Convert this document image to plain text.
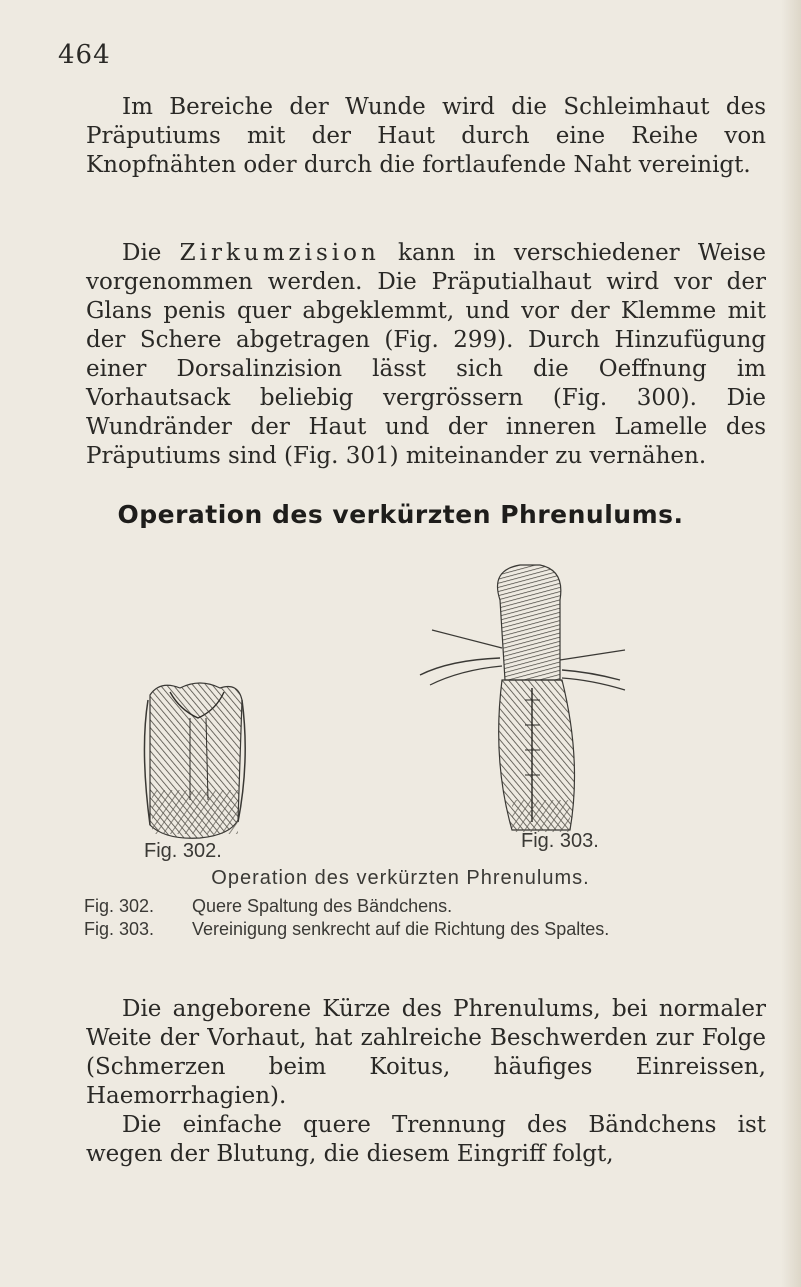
464

Im Bereiche der Wunde wird die Schleimhaut des Präputiums mit der Haut durch eine Reihe von Knopfnähten oder durch die fortlaufende Naht vereinigt.

Die Zirkumzision kann in verschiedener Weise vorgenommen werden. Die Präputialhaut wird vor der Glans penis quer abgeklemmt, und vor der Klemme mit der Schere abgetragen (Fig. 299). Durch Hinzufügung einer Dorsalinzision lässt sich die Oeffnung im Vorhautsack beliebig vergrössern (Fig. 300). Die Wundränder der Haut und der inneren Lamelle des Präputiums sind (Fig. 301) miteinander zu vernähen.

Operation des verkürzten Phrenulums.
Fig. 302.	Fig. 303.
Operation des verkürzten Phrenulums.
Fig. 302. Quere Spaltung des Bändchens.
Fig. 303. Vereinigung senkrecht auf die Richtung des Spaltes.

Die angeborene Kürze des Phrenulums, bei normaler Weite der Vorhaut, hat zahlreiche Beschwerden zur Folge (Schmerzen beim Koitus, häufiges Einreissen, Haemorrhagien).
Die einfache quere Trennung des Bändchens ist wegen der Blutung, die diesem Eingriff folgt,
